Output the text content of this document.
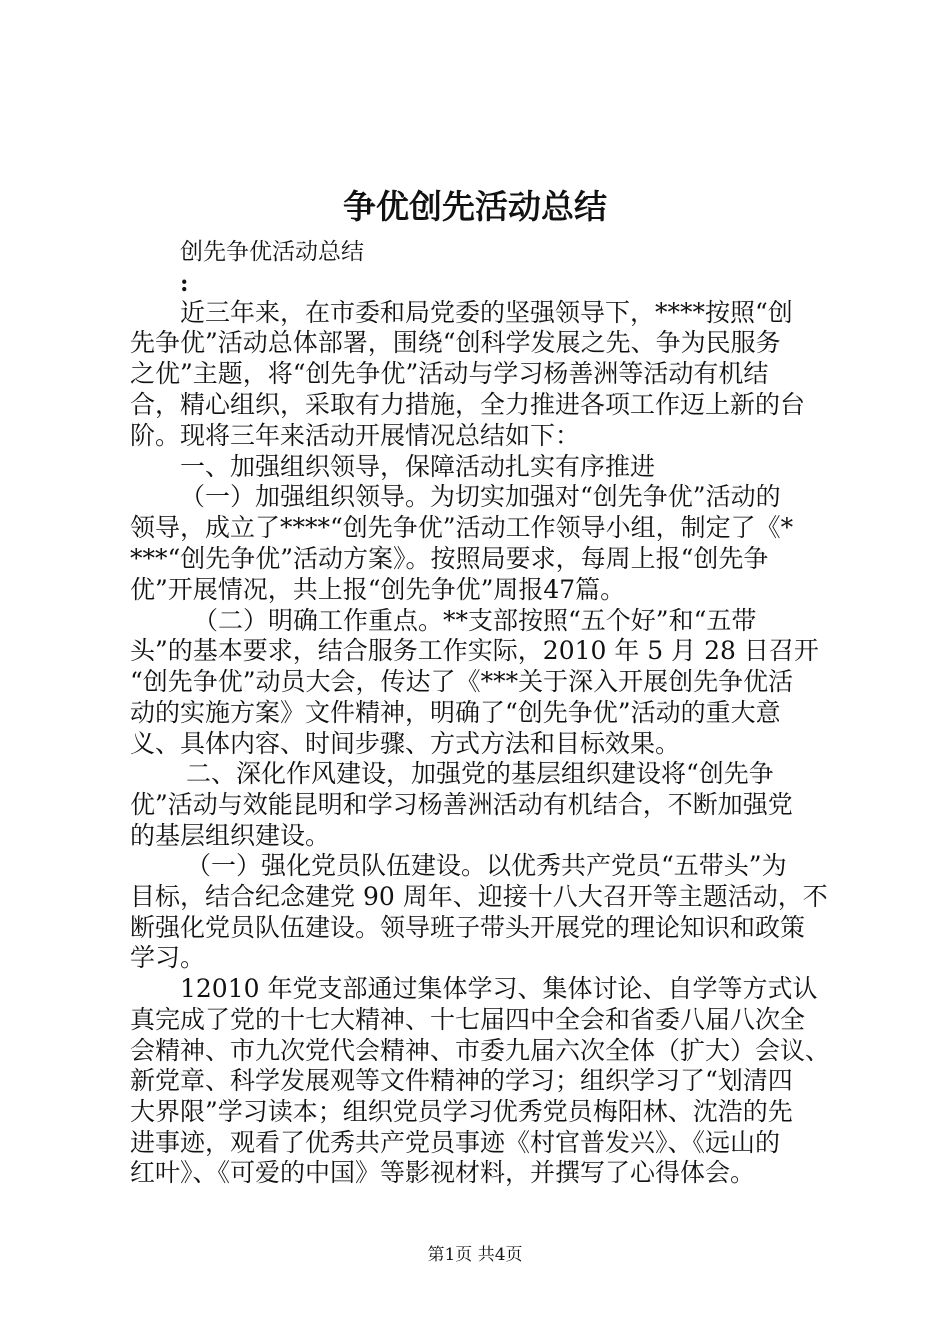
争优创先活动总结
创先争优活动总结
:
近三年来，在市委和局党委的坚强领导下，****按照“创
先争优”活动总体部署，围绕“创科学发展之先、争为民服务
之优”主题，将“创先争优”活动与学习杨善洲等活动有机结
合，精心组织，采取有力措施，全力推进各项工作迈上新的台
阶。现将三年来活动开展情况总结如下：
一、加强组织领导，保障活动扎实有序推进
（一）加强组织领导。为切实加强对“创先争优”活动的
领导，成立了****“创先争优”活动工作领导小组，制定了《*
***“创先争优”活动方案》。按照局要求，每周上报“创先争
优”开展情况，共上报“创先争优”周报47篇。
（二）明确工作重点。**支部按照“五个好”和“五带
头”的基本要求，结合服务工作实际，2010 年 5 月 28 日召开
“创先争优”动员大会，传达了《***关于深入开展创先争优活
动的实施方案》文件精神，明确了“创先争优”活动的重大意
义、具体内容、时间步骤、方式方法和目标效果。
二、深化作风建设，加强党的基层组织建设将“创先争
优”活动与效能昆明和学习杨善洲活动有机结合，不断加强党
的基层组织建设。
（一）强化党员队伍建设。以优秀共产党员“五带头”为
目标，结合纪念建党 90 周年、迎接十八大召开等主题活动，不
断强化党员队伍建设。领导班子带头开展党的理论知识和政策
学习。
12010 年党支部通过集体学习、集体讨论、自学等方式认
真完成了党的十七大精神、十七届四中全会和省委八届八次全
会精神、市九次党代会精神、市委九届六次全体（扩大）会议、
新党章、科学发展观等文件精神的学习；组织学习了“划清四
大界限”学习读本；组织党员学习优秀党员梅阳林、沈浩的先
进事迹，观看了优秀共产党员事迹《村官普发兴》、《远山的
红叶》、《可爱的中国》等影视材料，并撰写了心得体会。
第1页 共4页
